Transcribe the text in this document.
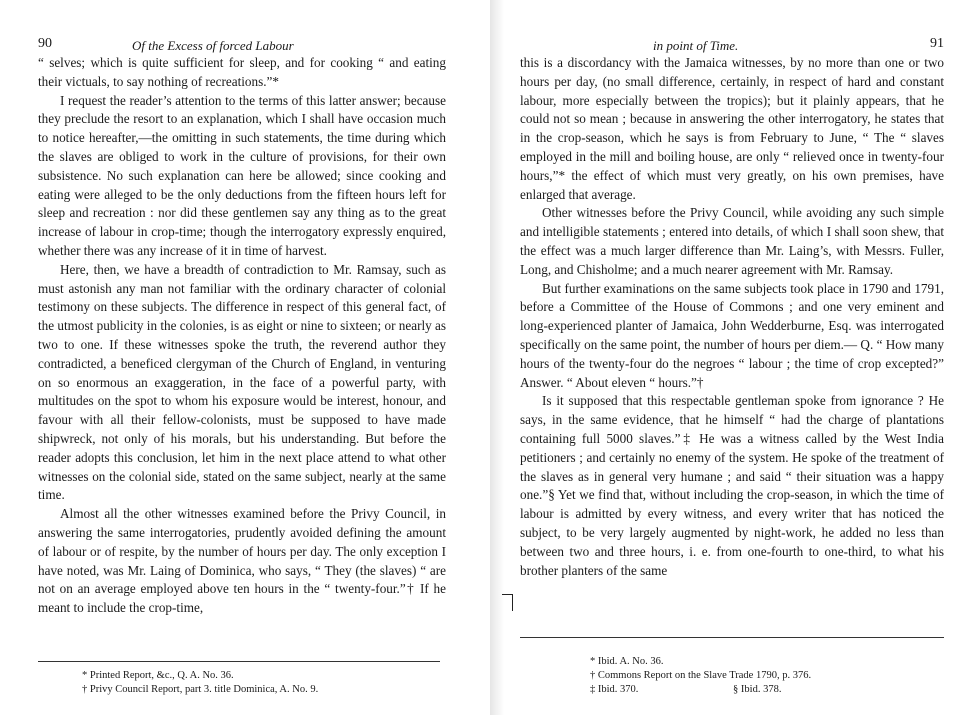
90	Of the Excess of forced Labour

“ selves; which is quite sufficient for sleep, and for cooking “ and eating their victuals, to say nothing of recreations.”*

I request the reader’s attention to the terms of this latter answer; because they preclude the resort to an explanation, which I shall have occasion much to notice hereafter,—the omitting in such statements, the time during which the slaves are obliged to work in the culture of provisions, for their own subsistence. No such explanation can here be allowed; since cooking and eating were alleged to be the only deductions from the fifteen hours left for sleep and recreation : nor did these gentlemen say any thing as to the great increase of labour in crop-time; though the interrogatory expressly enquired, whether there was any increase of it in time of harvest.

Here, then, we have a breadth of contradiction to Mr. Ramsay, such as must astonish any man not familiar with the ordinary character of colonial testimony on these subjects. The difference in respect of this general fact, of the utmost publicity in the colonies, is as eight or nine to sixteen; or nearly as two to one. If these witnesses spoke the truth, the reverend author they contradicted, a beneficed clergyman of the Church of England, in venturing on so enormous an exaggeration, in the face of a powerful party, with multitudes on the spot to whom his exposure would be interest, honour, and favour with all their fellow-colonists, must be supposed to have made shipwreck, not only of his morals, but his understanding. But before the reader adopts this conclusion, let him in the next place attend to what other witnesses on the colonial side, stated on the same subject, nearly at the same time.

Almost all the other witnesses examined before the Privy Council, in answering the same interrogatories, prudently avoided defining the amount of labour or of respite, by the number of hours per day. The only exception I have noted, was Mr. Laing of Dominica, who says, “ They (the slaves) “ are not on an average employed above ten hours in the “ twenty-four.”† If he meant to include the crop-time,

* Printed Report, &c., Q. A. No. 36.
† Privy Council Report, part 3. title Dominica, A. No. 9.
in point of Time.	91

this is a discordancy with the Jamaica witnesses, by no more than one or two hours per day, (no small difference, certainly, in respect of hard and constant labour, more especially between the tropics); but it plainly appears, that he could not so mean ; because in answering the other interrogatory, he states that in the crop-season, which he says is from February to June, “ The “ slaves employed in the mill and boiling house, are only “ relieved once in twenty-four hours,”* the effect of which must very greatly, on his own premises, have enlarged that average.

Other witnesses before the Privy Council, while avoiding any such simple and intelligible statements ; entered into details, of which I shall soon shew, that the effect was a much larger difference than Mr. Laing’s, with Messrs. Fuller, Long, and Chisholme; and a much nearer agreement with Mr. Ramsay.

But further examinations on the same subjects took place in 1790 and 1791, before a Committee of the House of Commons ; and one very eminent and long-experienced planter of Jamaica, John Wedderburne, Esq. was interrogated specifically on the same point, the number of hours per diem.— Q. “ How many hours of the twenty-four do the negroes “ labour ; the time of crop excepted?” Answer. “ About eleven “ hours.”†

Is it supposed that this respectable gentleman spoke from ignorance ? He says, in the same evidence, that he himself “ had the charge of plantations containing full 5000 slaves.”‡ He was a witness called by the West India petitioners ; and certainly no enemy of the system. He spoke of the treatment of the slaves as in general very humane ; and said “ their situation was a happy one.”§ Yet we find that, without including the crop-season, in which the time of labour is admitted by every witness, and every writer that has noticed the subject, to be very largely augmented by night-work, he added no less than between two and three hours, i. e. from one-fourth to one-third, to what his brother planters of the same

* Ibid. A. No. 36.
† Commons Report on the Slave Trade 1790, p. 376.
‡ Ibid. 370.	§ Ibid. 378.
